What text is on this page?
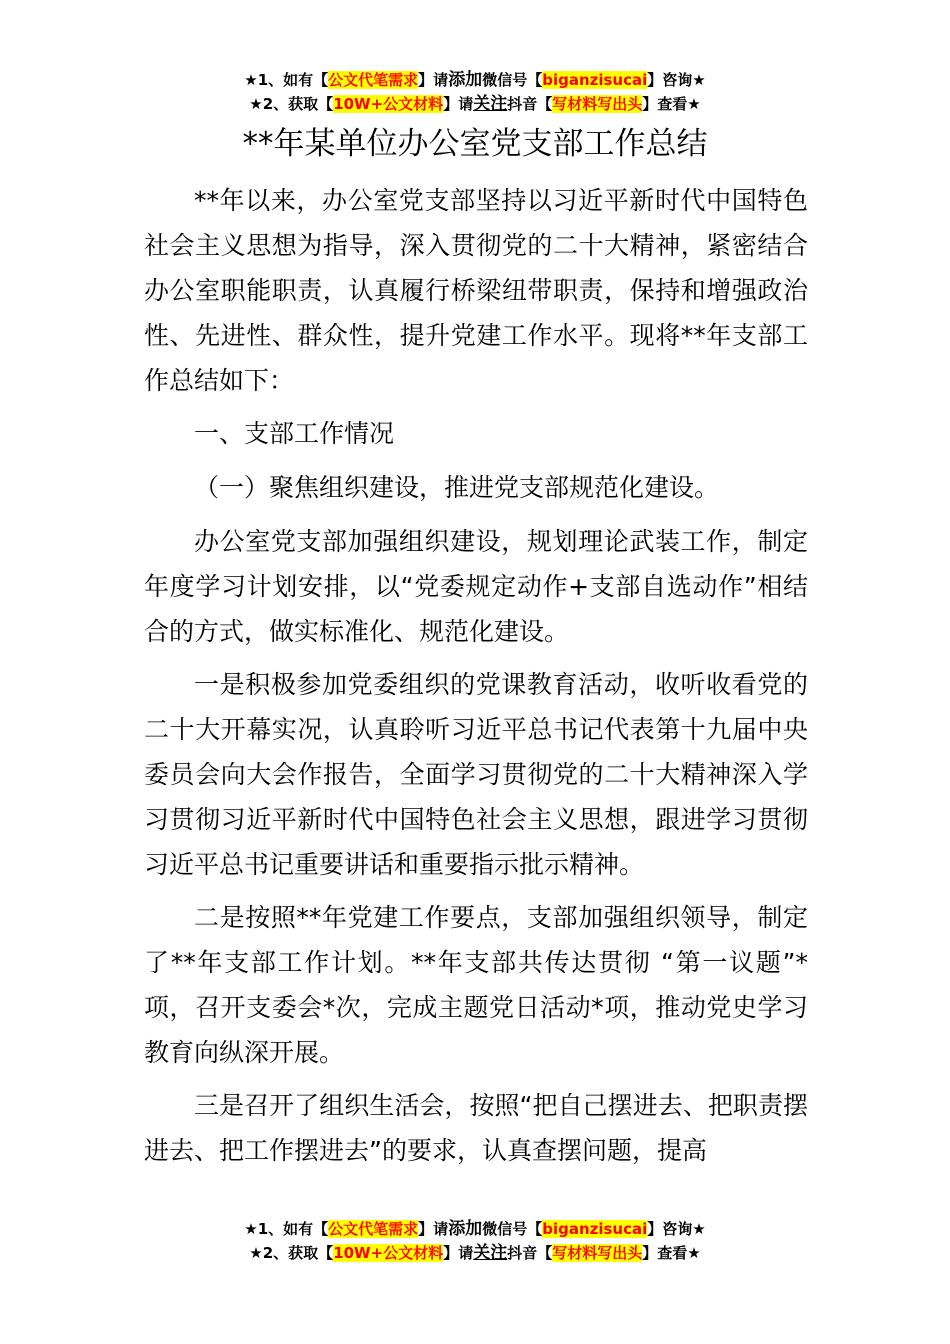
★1、如有【公文代笔需求】请添加微信号【biganzisucai】咨询★
★2、获取【10W+公文材料】请关注抖音【写材料写出头】查看★
**年某单位办公室党支部工作总结

**年以来，办公室党支部坚持以习近平新时代中国特色社会主义思想为指导，深入贯彻党的二十大精神，紧密结合办公室职能职责，认真履行桥梁纽带职责，保持和增强政治性、先进性、群众性，提升党建工作水平。现将**年支部工作总结如下：

一、支部工作情况

（一）聚焦组织建设，推进党支部规范化建设。

办公室党支部加强组织建设，规划理论武装工作，制定年度学习计划安排，以“党委规定动作+支部自选动作”相结合的方式，做实标准化、规范化建设。

一是积极参加党委组织的党课教育活动，收听收看党的二十大开幕实况，认真聆听习近平总书记代表第十九届中央委员会向大会作报告，全面学习贯彻党的二十大精神深入学习贯彻习近平新时代中国特色社会主义思想，跟进学习贯彻习近平总书记重要讲话和重要指示批示精神。

二是按照**年党建工作要点，支部加强组织领导，制定了**年支部工作计划。**年支部共传达贯彻 “第一议题”*项，召开支委会*次，完成主题党日活动*项，推动党史学习教育向纵深开展。

三是召开了组织生活会，按照“把自己摆进去、把职责摆进去、把工作摆进去”的要求，认真查摆问题，提高

★1、如有【公文代笔需求】请添加微信号【biganzisucai】咨询★
★2、获取【10W+公文材料】请关注抖音【写材料写出头】查看★
